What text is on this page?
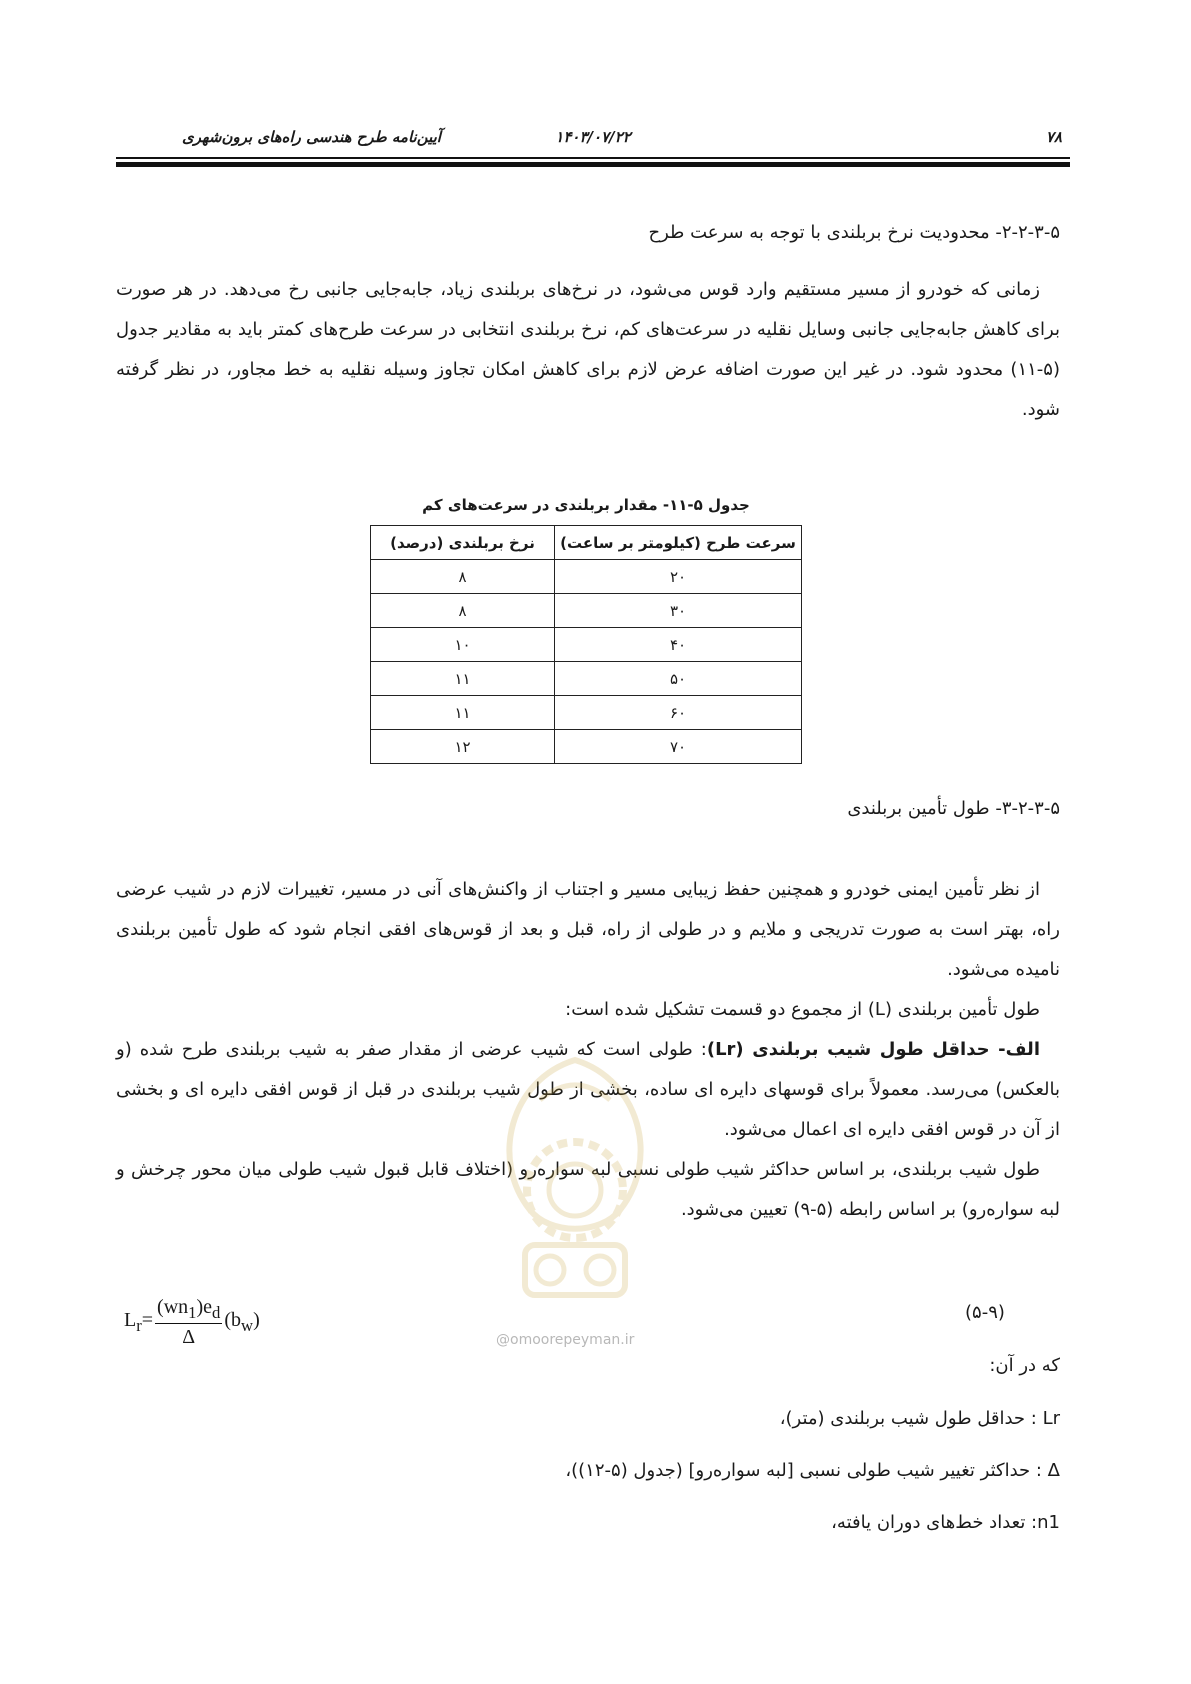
۷۸
۱۴۰۳/۰۷/۲۲
آیین‌نامه طرح هندسی راه‌های برون‌شهری
۲-۲-۳-۵- محدودیت نرخ بربلندی با توجه به سرعت طرح

زمانی که خودرو از مسیر مستقیم وارد قوس می‌شود، در نرخ‌های بربلندی زیاد، جابه‌جایی جانبی رخ می‌دهد. در هر صورت برای کاهش جابه‌جایی جانبی وسایل نقلیه در سرعت‌های کم، نرخ بربلندی انتخابی در سرعت طرح‌های کمتر باید به مقادیر جدول (۵-۱۱) محدود شود. در غیر این صورت اضافه عرض لازم برای کاهش امکان تجاوز وسیله نقلیه به خط مجاور، در نظر گرفته شود.

جدول ۵-۱۱- مقدار بربلندی در سرعت‌های کم
سرعت طرح (کیلومتر بر ساعت)	نرخ بربلندی (درصد)
۲۰	۸
۳۰	۸
۴۰	۱۰
۵۰	۱۱
۶۰	۱۱
۷۰	۱۲
۳-۲-۳-۵- طول تأمین بربلندی

از نظر تأمین ایمنی خودرو و همچنین حفظ زیبایی مسیر و اجتناب از واکنش‌های آنی در مسیر، تغییرات لازم در شیب عرضی راه، بهتر است به صورت تدریجی و ملایم و در طولی از راه، قبل و بعد از قوس‌های افقی انجام شود که طول تأمین بربلندی نامیده می‌شود.

طول تأمین بربلندی (L) از مجموع دو قسمت تشکیل شده است:

الف- حداقل طول شیب بربلندی (Lr): طولی است که شیب عرضی از مقدار صفر به شیب بربلندی طرح شده (و بالعکس) می‌رسد. معمولاً برای قوسهای دایره ای ساده، بخشی از طول شیب بربلندی در قبل از قوس افقی دایره ای و بخشی از آن در قوس افقی دایره ای اعمال می‌شود.

طول شیب بربلندی، بر اساس حداکثر شیب طولی نسبی لبه سواره‌رو (اختلاف قابل قبول شیب طولی میان محور چرخش و لبه سواره‌رو) بر اساس رابطه (۵-۹) تعیین می‌شود.

@omoorepeyman.ir
$L_r= \frac{(wn_1)e_d}{\Delta} (b_w)$	(۵-۹)
که در آن:
Lr : حداقل طول شیب بربلندی (متر)،
Δ : حداکثر تغییر شیب طولی نسبی [لبه سواره‌رو] (جدول (۵-۱۲))،
n1: تعداد خط‌های دوران یافته،
